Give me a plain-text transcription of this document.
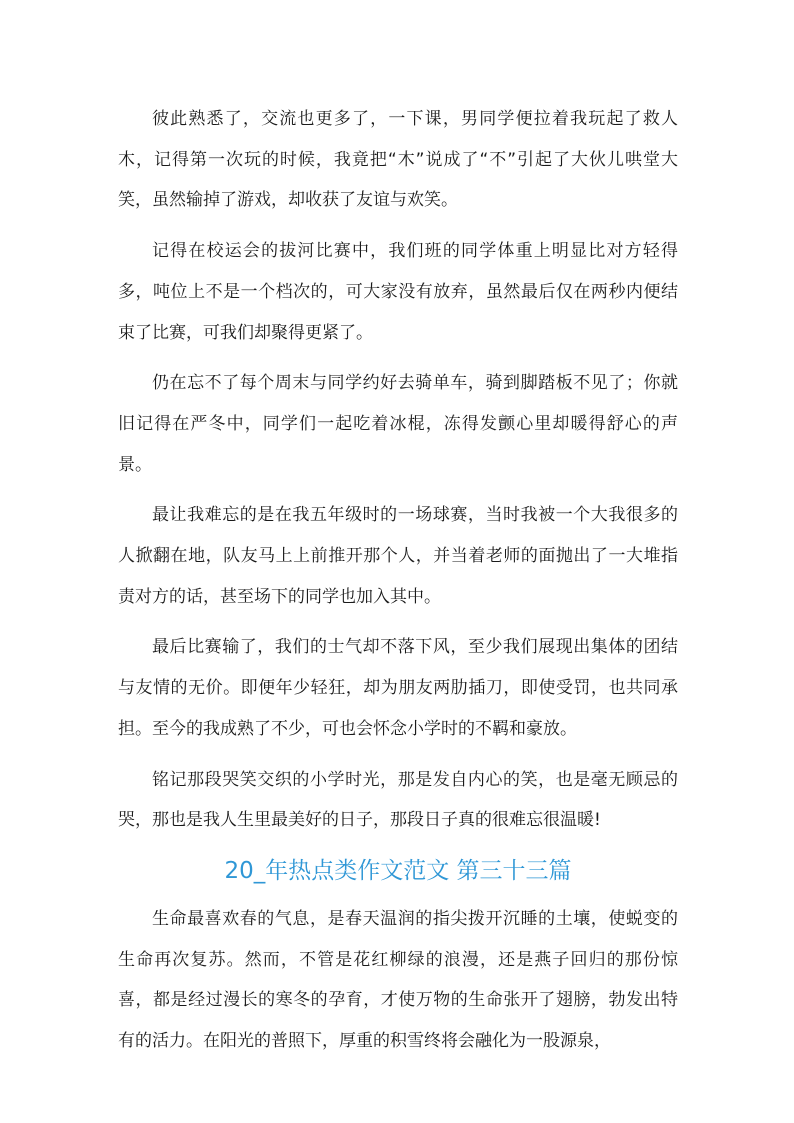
彼此熟悉了，交流也更多了，一下课，男同学便拉着我玩起了救人木，记得第一次玩的时候，我竟把“木”说成了“不”引起了大伙儿哄堂大笑，虽然输掉了游戏，却收获了友谊与欢笑。

记得在校运会的拔河比赛中，我们班的同学体重上明显比对方轻得多，吨位上不是一个档次的，可大家没有放弃，虽然最后仅在两秒内便结束了比赛，可我们却聚得更紧了。

仍在忘不了每个周末与同学约好去骑单车，骑到脚踏板不见了；你就旧记得在严冬中，同学们一起吃着冰棍，冻得发颤心里却暖得舒心的声景。

最让我难忘的是在我五年级时的一场球赛，当时我被一个大我很多的人掀翻在地，队友马上上前推开那个人，并当着老师的面抛出了一大堆指责对方的话，甚至场下的同学也加入其中。

最后比赛输了，我们的士气却不落下风，至少我们展现出集体的团结与友情的无价。即便年少轻狂，却为朋友两肋插刀，即使受罚，也共同承担。至今的我成熟了不少，可也会怀念小学时的不羁和豪放。

铭记那段哭笑交织的小学时光，那是发自内心的笑，也是毫无顾忌的哭，那也是我人生里最美好的日子，那段日子真的很难忘很温暖!

20_年热点类作文范文 第三十三篇

生命最喜欢春的气息，是春天温润的指尖拨开沉睡的土壤，使蜕变的生命再次复苏。然而，不管是花红柳绿的浪漫，还是燕子回归的那份惊喜，都是经过漫长的寒冬的孕育，才使万物的生命张开了翅膀，勃发出特有的活力。在阳光的普照下，厚重的积雪终将会融化为一股源泉，
